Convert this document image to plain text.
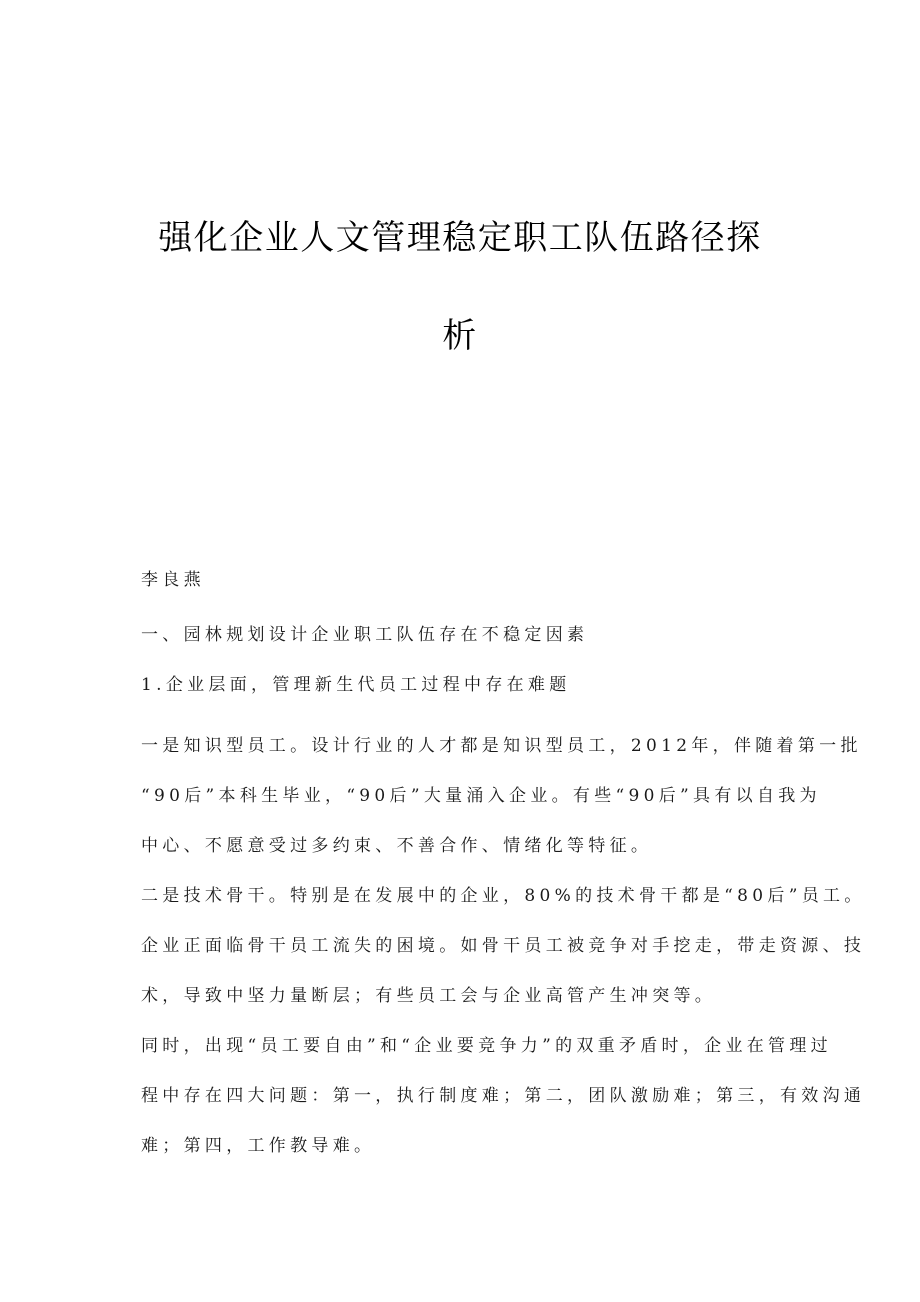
强化企业人文管理稳定职工队伍路径探
析
李良燕
一、园林规划设计企业职工队伍存在不稳定因素
1.企业层面，管理新生代员工过程中存在难题
一是知识型员工。设计行业的人才都是知识型员工，2012年，伴随着第一批
“90后”本科生毕业，“90后”大量涌入企业。有些“90后”具有以自我为
中心、不愿意受过多约束、不善合作、情绪化等特征。
二是技术骨干。特别是在发展中的企业，80%的技术骨干都是“80后”员工。
企业正面临骨干员工流失的困境。如骨干员工被竞争对手挖走，带走资源、技
术，导致中坚力量断层；有些员工会与企业高管产生冲突等。
同时，出现“员工要自由”和“企业要竞争力”的双重矛盾时，企业在管理过
程中存在四大问题：第一，执行制度难；第二，团队激励难；第三，有效沟通
难；第四，工作教导难。
